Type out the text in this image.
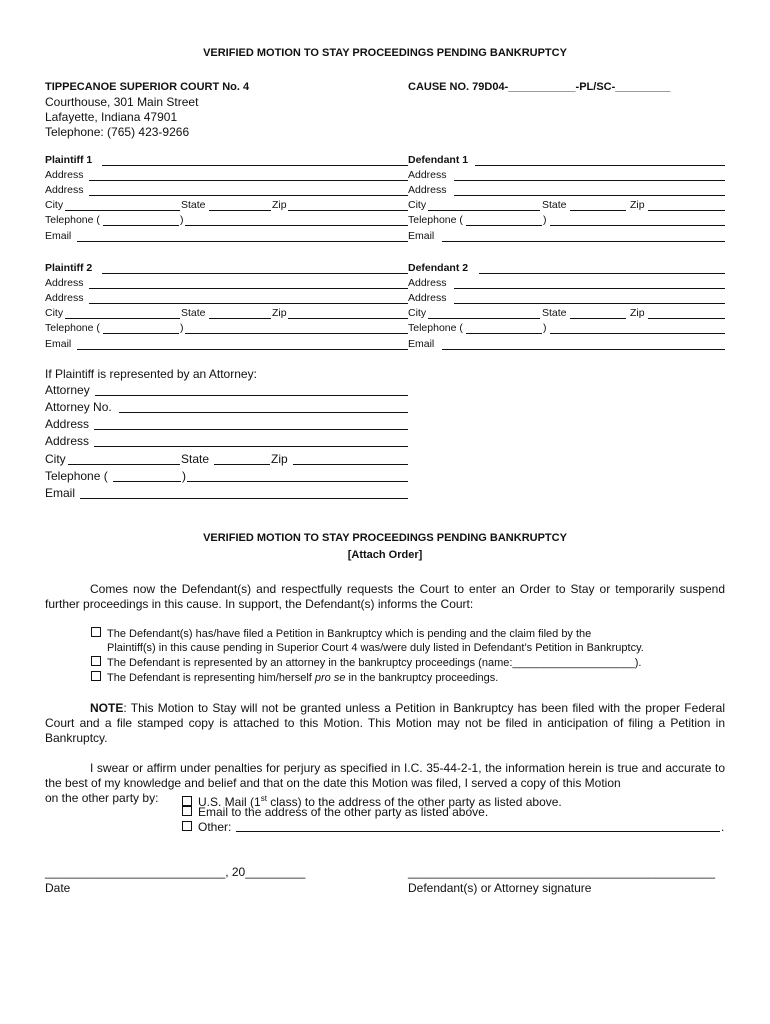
VERIFIED MOTION TO STAY PROCEEDINGS PENDING BANKRUPTCY
TIPPECANOE SUPERIOR COURT No. 4
Courthouse, 301 Main Street
Lafayette, Indiana 47901
Telephone: (765) 423-9266
CAUSE NO. 79D04-___________-PL/SC-_________
Plaintiff 1	Defendant 1
Address	Address
Address	Address
City	State	Zip	City	State	Zip
Telephone (	)	Telephone (	)
Email	Email
Plaintiff 2	Defendant 2
Address	Address
Address	Address
City	State	Zip	City	State	Zip
Telephone (	)	Telephone (	)
Email	Email
If Plaintiff is represented by an Attorney:
Attorney
Attorney No.
Address
Address
City	State	Zip
Telephone (	)
Email
VERIFIED MOTION TO STAY PROCEEDINGS PENDING BANKRUPTCY
[Attach Order]
Comes now the Defendant(s) and respectfully requests the Court to enter an Order to Stay or temporarily suspend further proceedings in this cause. In support, the Defendant(s) informs the Court:
The Defendant(s) has/have filed a Petition in Bankruptcy which is pending and the claim filed by the
Plaintiff(s) in this cause pending in Superior Court 4 was/were duly listed in Defendant’s Petition in Bankruptcy.
The Defendant is represented by an attorney in the bankruptcy proceedings (name:____________________).
The Defendant is representing him/herself pro se in the bankruptcy proceedings.
NOTE: This Motion to Stay will not be granted unless a Petition in Bankruptcy has been filed with the proper Federal Court and a file stamped copy is attached to this Motion. This Motion may not be filed in anticipation of filing a Petition in Bankruptcy.
I swear or affirm under penalties for perjury as specified in I.C. 35-44-2-1, the information herein is true and accurate to the best of my knowledge and belief and that on the date this Motion was filed, I served a copy of this Motion
on the other party by:	U.S. Mail (1st class) to the address of the other party as listed above.
Email to the address of the other party as listed above.
Other:	.
___________________________, 20_________
Date
______________________________________________
Defendant(s) or Attorney signature
